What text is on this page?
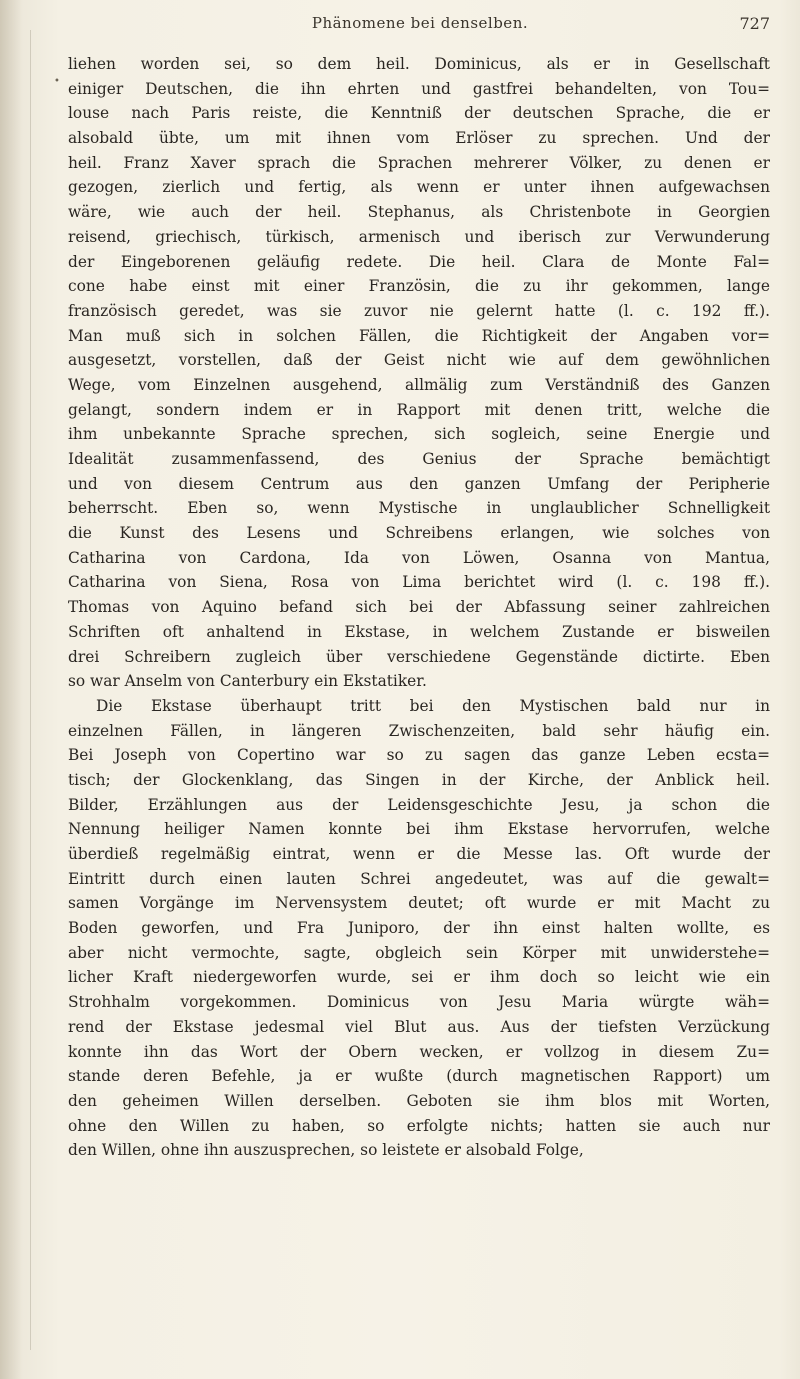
Phänomene bei denselben.	727
•
liehen worden sei, so dem heil. Dominicus, als er in Gesellschaft
einiger Deutschen, die ihn ehrten und gastfrei behandelten, von Tou=
louse nach Paris reiste, die Kenntniß der deutschen Sprache, die er
alsobald übte, um mit ihnen vom Erlöser zu sprechen. Und der
heil. Franz Xaver sprach die Sprachen mehrerer Völker, zu denen er
gezogen, zierlich und fertig, als wenn er unter ihnen aufgewachsen
wäre, wie auch der heil. Stephanus, als Christenbote in Georgien
reisend, griechisch, türkisch, armenisch und iberisch zur Verwunderung
der Eingeborenen geläufig redete. Die heil. Clara de Monte Fal=
cone habe einst mit einer Französin, die zu ihr gekommen, lange
französisch geredet, was sie zuvor nie gelernt hatte (l. c. 192 ff.).
Man muß sich in solchen Fällen, die Richtigkeit der Angaben vor=
ausgesetzt, vorstellen, daß der Geist nicht wie auf dem gewöhnlichen
Wege, vom Einzelnen ausgehend, allmälig zum Verständniß des Ganzen
gelangt, sondern indem er in Rapport mit denen tritt, welche die
ihm unbekannte Sprache sprechen, sich sogleich, seine Energie und
Idealität zusammenfassend, des Genius der Sprache bemächtigt
und von diesem Centrum aus den ganzen Umfang der Peripherie
beherrscht. Eben so, wenn Mystische in unglaublicher Schnelligkeit
die Kunst des Lesens und Schreibens erlangen, wie solches von
Catharina von Cardona, Ida von Löwen, Osanna von Mantua,
Catharina von Siena, Rosa von Lima berichtet wird (l. c. 198 ff.).
Thomas von Aquino befand sich bei der Abfassung seiner zahlreichen
Schriften oft anhaltend in Ekstase, in welchem Zustande er bisweilen
drei Schreibern zugleich über verschiedene Gegenstände dictirte. Eben
so war Anselm von Canterbury ein Ekstatiker.
Die Ekstase überhaupt tritt bei den Mystischen bald nur in
einzelnen Fällen, in längeren Zwischenzeiten, bald sehr häufig ein.
Bei Joseph von Copertino war so zu sagen das ganze Leben ecsta=
tisch; der Glockenklang, das Singen in der Kirche, der Anblick heil.
Bilder, Erzählungen aus der Leidensgeschichte Jesu, ja schon die
Nennung heiliger Namen konnte bei ihm Ekstase hervorrufen, welche
überdieß regelmäßig eintrat, wenn er die Messe las. Oft wurde der
Eintritt durch einen lauten Schrei angedeutet, was auf die gewalt=
samen Vorgänge im Nervensystem deutet; oft wurde er mit Macht zu
Boden geworfen, und Fra Juniporo, der ihn einst halten wollte, es
aber nicht vermochte, sagte, obgleich sein Körper mit unwiderstehe=
licher Kraft niedergeworfen wurde, sei er ihm doch so leicht wie ein
Strohhalm vorgekommen. Dominicus von Jesu Maria würgte wäh=
rend der Ekstase jedesmal viel Blut aus. Aus der tiefsten Verzückung
konnte ihn das Wort der Obern wecken, er vollzog in diesem Zu=
stande deren Befehle, ja er wußte (durch magnetischen Rapport) um
den geheimen Willen derselben. Geboten sie ihm blos mit Worten,
ohne den Willen zu haben, so erfolgte nichts; hatten sie auch nur
den Willen, ohne ihn auszusprechen, so leistete er alsobald Folge,
